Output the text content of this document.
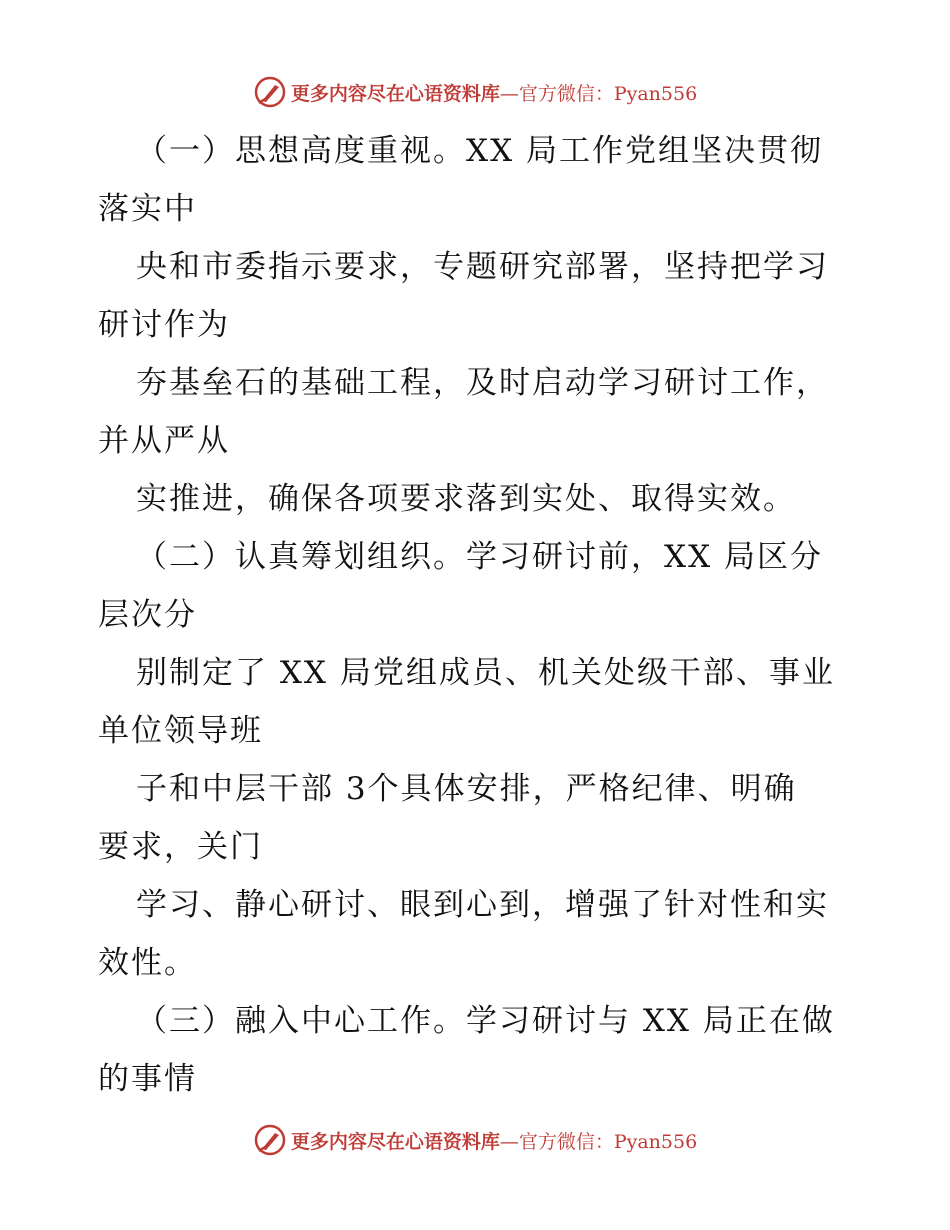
更多内容尽在心语资料库—官方微信：Pyan556
（一）思想高度重视。XX 局工作党组坚决贯彻
落实中
央和市委指示要求，专题研究部署，坚持把学习
研讨作为
夯基垒石的基础工程，及时启动学习研讨工作，
并从严从
实推进，确保各项要求落到实处、取得实效。
（二）认真筹划组织。学习研讨前，XX 局区分
层次分
别制定了 XX 局党组成员、机关处级干部、事业
单位领导班
子和中层干部 3个具体安排，严格纪律、明确
要求，关门
学习、静心研讨、眼到心到，增强了针对性和实
效性。
（三）融入中心工作。学习研讨与 XX 局正在做
的事情
更多内容尽在心语资料库—官方微信：Pyan556
